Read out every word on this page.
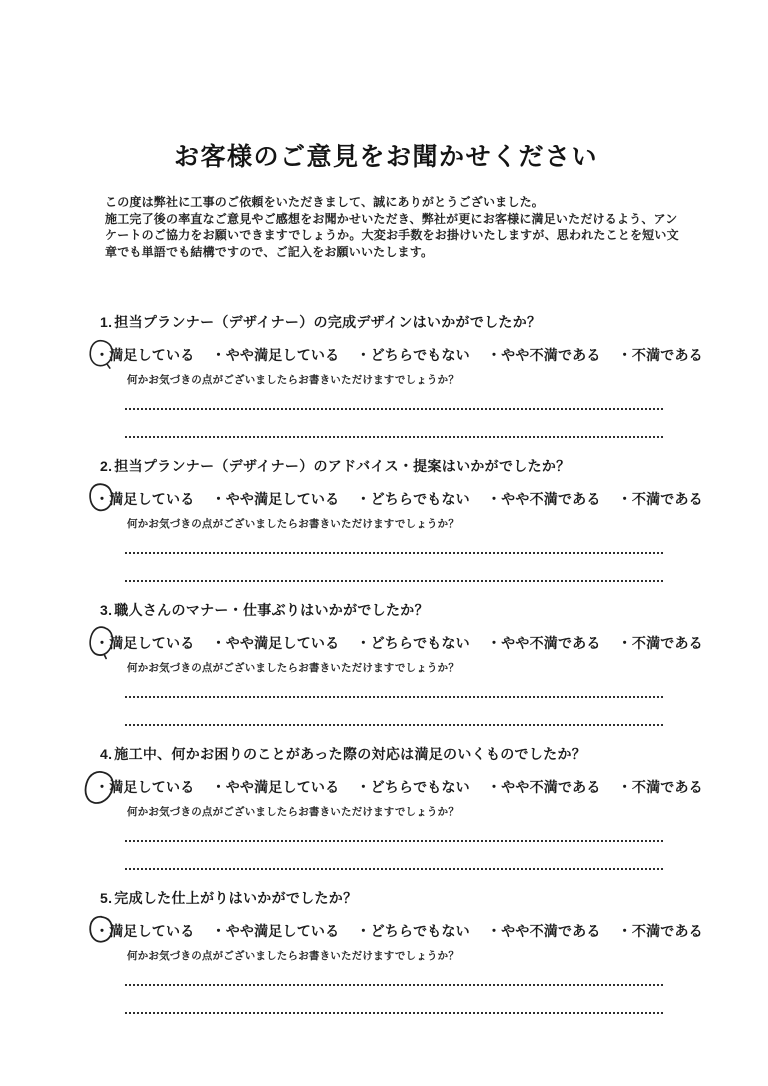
お客様のご意見をお聞かせください
この度は弊社に工事のご依頼をいただきまして、誠にありがとうございました。
施工完了後の率直なご意見やご感想をお聞かせいただき、弊社が更にお客様に満足いただけるよう、アン
ケートのご協力をお願いできますでしょうか。大変お手数をお掛けいたしますが、思われたことを短い文
章でも単語でも結構ですので、ご記入をお願いいたします。
1. 担当プランナー（デザイナー）の完成デザインはいかがでしたか？
・満足している ・やや満足している ・どちらでもない ・やや不満である ・不満である
何かお気づきの点がございましたらお書きいただけますでしょうか？
2. 担当プランナー（デザイナー）のアドバイス・提案はいかがでしたか？
・満足している ・やや満足している ・どちらでもない ・やや不満である ・不満である
何かお気づきの点がございましたらお書きいただけますでしょうか？
3. 職人さんのマナー・仕事ぶりはいかがでしたか？
・満足している ・やや満足している ・どちらでもない ・やや不満である ・不満である
何かお気づきの点がございましたらお書きいただけますでしょうか？
4. 施工中、何かお困りのことがあった際の対応は満足のいくものでしたか？
・満足している ・やや満足している ・どちらでもない ・やや不満である ・不満である
何かお気づきの点がございましたらお書きいただけますでしょうか？
5. 完成した仕上がりはいかがでしたか？
・満足している ・やや満足している ・どちらでもない ・やや不満である ・不満である
何かお気づきの点がございましたらお書きいただけますでしょうか？
